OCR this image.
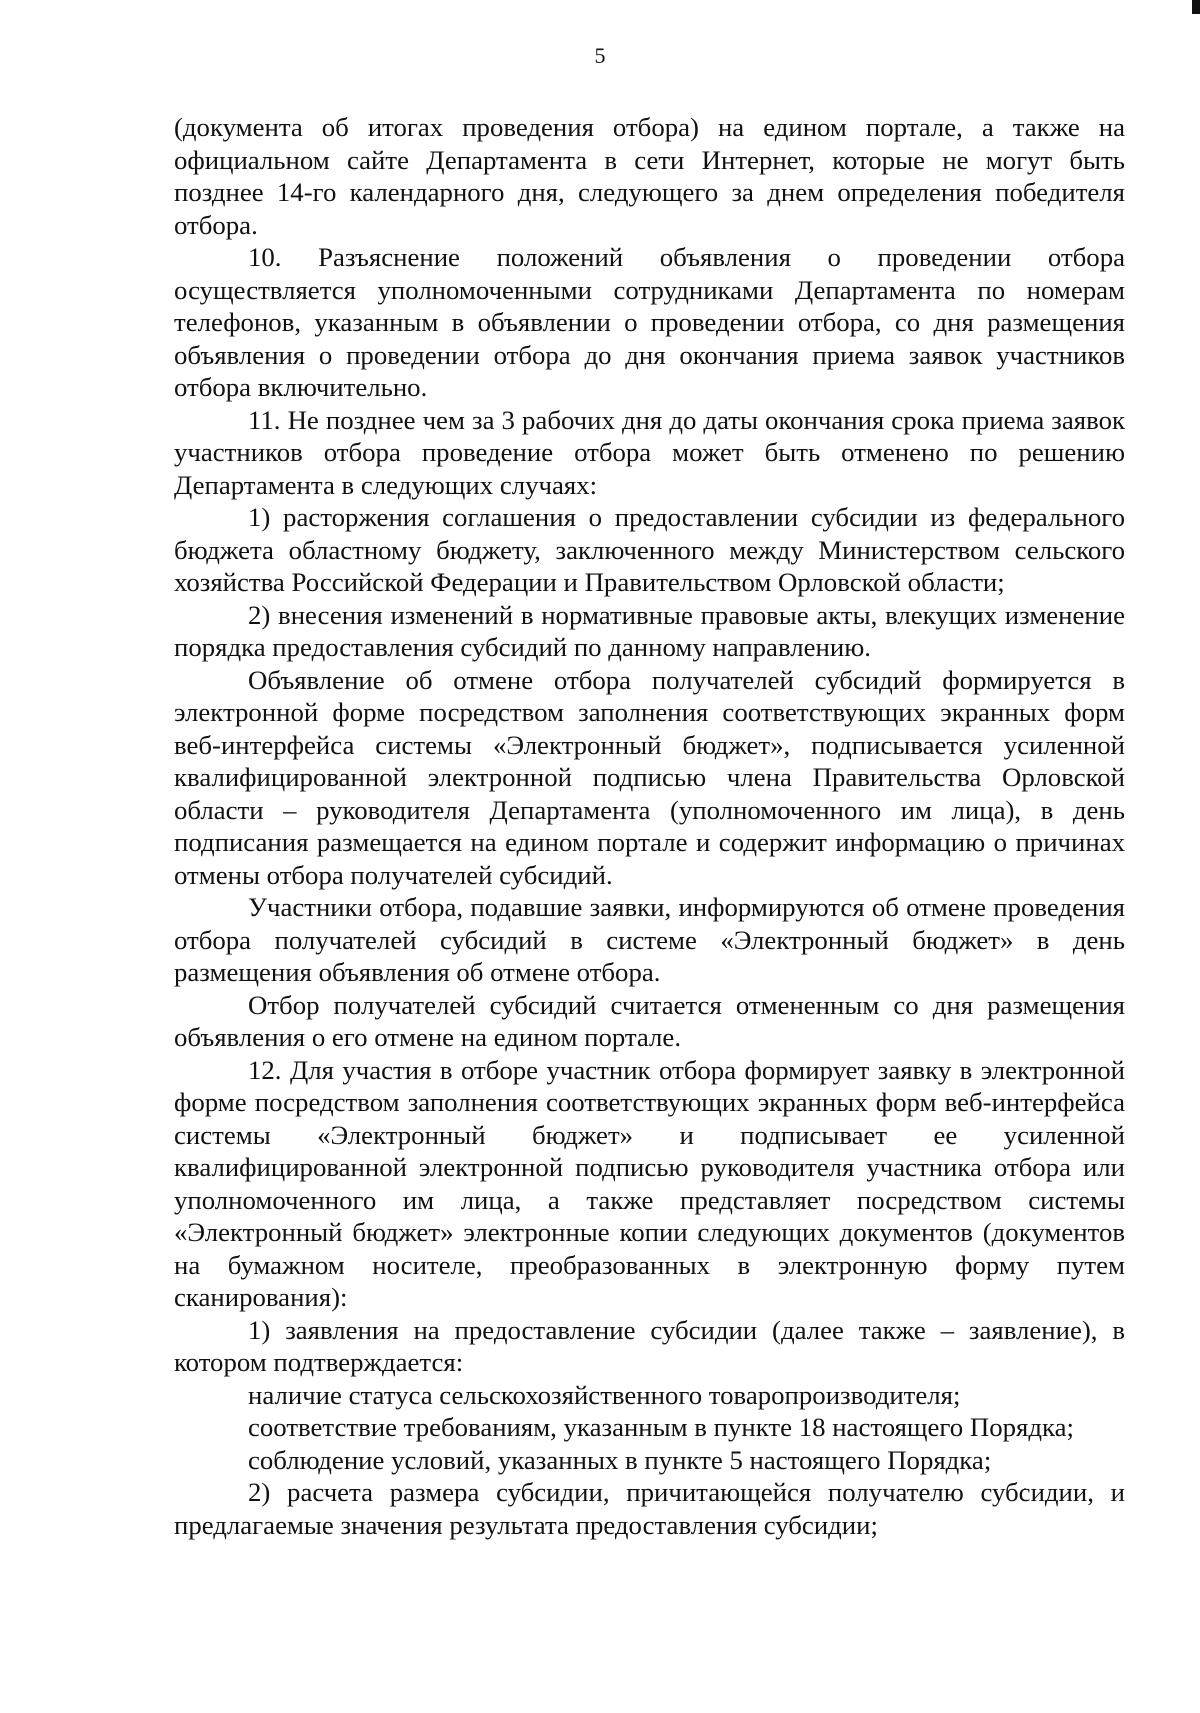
5

(документа об итогах проведения отбора) на едином портале, а также на официальном сайте Департамента в сети Интернет, которые не могут быть позднее 14-го календарного дня, следующего за днем определения победителя отбора.

10. Разъяснение положений объявления о проведении отбора осуществляется уполномоченными сотрудниками Департамента по номерам телефонов, указанным в объявлении о проведении отбора, со дня размещения объявления о проведении отбора до дня окончания приема заявок участников отбора включительно.

11. Не позднее чем за 3 рабочих дня до даты окончания срока приема заявок участников отбора проведение отбора может быть отменено по решению Департамента в следующих случаях:

1) расторжения соглашения о предоставлении субсидии из федерального бюджета областному бюджету, заключенного между Министерством сельского хозяйства Российской Федерации и Правительством Орловской области;

2) внесения изменений в нормативные правовые акты, влекущих изменение порядка предоставления субсидий по данному направлению.

Объявление об отмене отбора получателей субсидий формируется в электронной форме посредством заполнения соответствующих экранных форм веб-интерфейса системы «Электронный бюджет», подписывается усиленной квалифицированной электронной подписью члена Правительства Орловской области – руководителя Департамента (уполномоченного им лица), в день подписания размещается на едином портале и содержит информацию о причинах отмены отбора получателей субсидий.

Участники отбора, подавшие заявки, информируются об отмене проведения отбора получателей субсидий в системе «Электронный бюджет» в день размещения объявления об отмене отбора.

Отбор получателей субсидий считается отмененным со дня размещения объявления о его отмене на едином портале.

12. Для участия в отборе участник отбора формирует заявку в электронной форме посредством заполнения соответствующих экранных форм веб-интерфейса системы «Электронный бюджет» и подписывает ее усиленной квалифицированной электронной подписью руководителя участника отбора или уполномоченного им лица, а также представляет посредством системы «Электронный бюджет» электронные копии следующих документов (документов на бумажном носителе, преобразованных в электронную форму путем сканирования):

1) заявления на предоставление субсидии (далее также – заявление), в котором подтверждается:

наличие статуса сельскохозяйственного товаропроизводителя;

соответствие требованиям, указанным в пункте 18 настоящего Порядка;

соблюдение условий, указанных в пункте 5 настоящего Порядка;

2) расчета размера субсидии, причитающейся получателю субсидии, и предлагаемые значения результата предоставления субсидии;
